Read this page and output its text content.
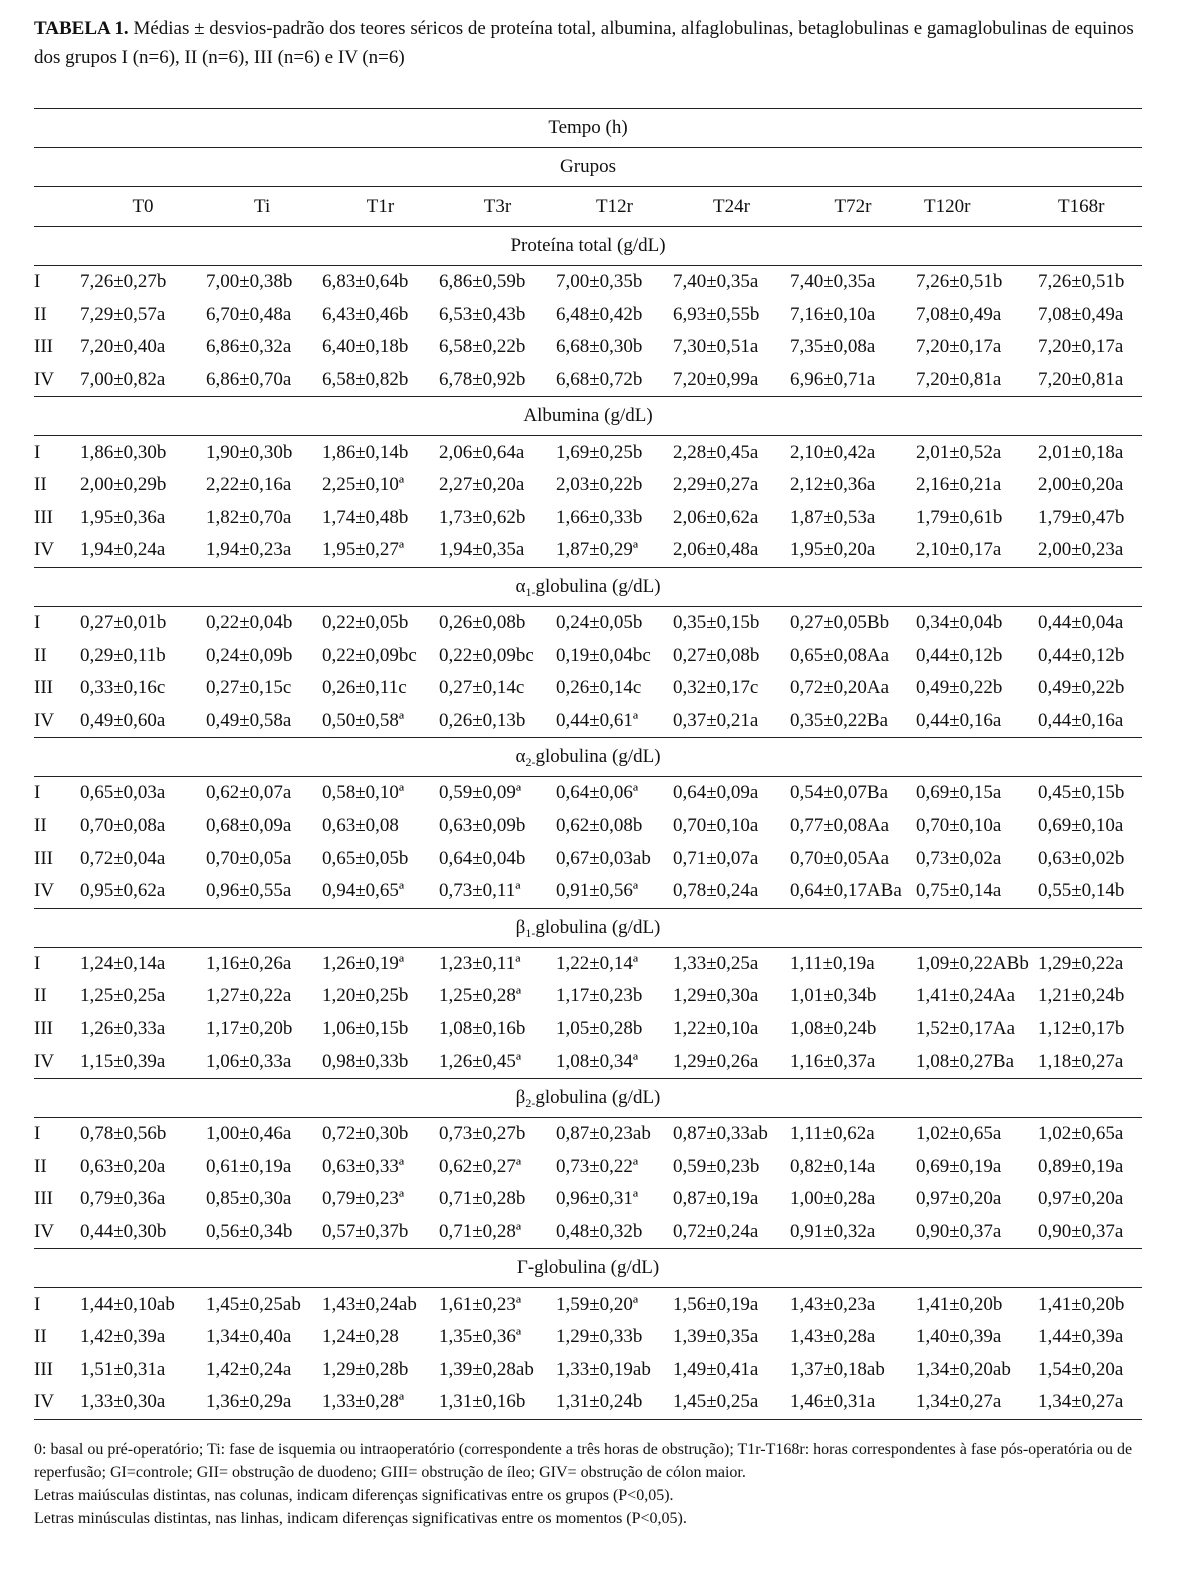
TABELA 1. Médias ± desvios-padrão dos teores séricos de proteína total, albumina, alfaglobulinas, betaglobulinas e gamaglobulinas de equinos dos grupos I (n=6), II (n=6), III (n=6) e IV (n=6)
Tempo (h)									
Grupos									
	T0	Ti	T1r	T3r	T12r	T24r	T72r	T120r	T168r
Proteína total (g/dL)									
I	7,26±0,27b	7,00±0,38b	6,83±0,64b	6,86±0,59b	7,00±0,35b	7,40±0,35a	7,40±0,35a	7,26±0,51b	7,26±0,51b
II	7,29±0,57a	6,70±0,48a	6,43±0,46b	6,53±0,43b	6,48±0,42b	6,93±0,55b	7,16±0,10a	7,08±0,49a	7,08±0,49a
III	7,20±0,40a	6,86±0,32a	6,40±0,18b	6,58±0,22b	6,68±0,30b	7,30±0,51a	7,35±0,08a	7,20±0,17a	7,20±0,17a
IV	7,00±0,82a	6,86±0,70a	6,58±0,82b	6,78±0,92b	6,68±0,72b	7,20±0,99a	6,96±0,71a	7,20±0,81a	7,20±0,81a
Albumina (g/dL)									
I	1,86±0,30b	1,90±0,30b	1,86±0,14b	2,06±0,64a	1,69±0,25b	2,28±0,45a	2,10±0,42a	2,01±0,52a	2,01±0,18a
II	2,00±0,29b	2,22±0,16a	2,25±0,10ª	2,27±0,20a	2,03±0,22b	2,29±0,27a	2,12±0,36a	2,16±0,21a	2,00±0,20a
III	1,95±0,36a	1,82±0,70a	1,74±0,48b	1,73±0,62b	1,66±0,33b	2,06±0,62a	1,87±0,53a	1,79±0,61b	1,79±0,47b
IV	1,94±0,24a	1,94±0,23a	1,95±0,27ª	1,94±0,35a	1,87±0,29ª	2,06±0,48a	1,95±0,20a	2,10±0,17a	2,00±0,23a
$\alpha_{1-}globulina$ (g/dL)									
I	0,27±0,01b	0,22±0,04b	0,22±0,05b	0,26±0,08b	0,24±0,05b	0,35±0,15b	0,27±0,05Bb	0,34±0,04b	0,44±0,04a
II	0,29±0,11b	0,24±0,09b	0,22±0,09bc	0,22±0,09bc	0,19±0,04bc	0,27±0,08b	0,65±0,08Aa	0,44±0,12b	0,44±0,12b
III	0,33±0,16c	0,27±0,15c	0,26±0,11c	0,27±0,14c	0,26±0,14c	0,32±0,17c	0,72±0,20Aa	0,49±0,22b	0,49±0,22b
IV	0,49±0,60a	0,49±0,58a	0,50±0,58ª	0,26±0,13b	0,44±0,61ª	0,37±0,21a	0,35±0,22Ba	0,44±0,16a	0,44±0,16a
$\alpha_{2-}globulina$ (g/dL)									
I	0,65±0,03a	0,62±0,07a	0,58±0,10ª	0,59±0,09ª	0,64±0,06ª	0,64±0,09a	0,54±0,07Ba	0,69±0,15a	0,45±0,15b
II	0,70±0,08a	0,68±0,09a	0,63±0,08	0,63±0,09b	0,62±0,08b	0,70±0,10a	0,77±0,08Aa	0,70±0,10a	0,69±0,10a
III	0,72±0,04a	0,70±0,05a	0,65±0,05b	0,64±0,04b	0,67±0,03ab	0,71±0,07a	0,70±0,05Aa	0,73±0,02a	0,63±0,02b
IV	0,95±0,62a	0,96±0,55a	0,94±0,65ª	0,73±0,11ª	0,91±0,56ª	0,78±0,24a	0,64±0,17ABa	0,75±0,14a	0,55±0,14b
$\beta_{1-}globulina$ (g/dL)									
I	1,24±0,14a	1,16±0,26a	1,26±0,19ª	1,23±0,11ª	1,22±0,14ª	1,33±0,25a	1,11±0,19a	1,09±0,22ABb	1,29±0,22a
II	1,25±0,25a	1,27±0,22a	1,20±0,25b	1,25±0,28ª	1,17±0,23b	1,29±0,30a	1,01±0,34b	1,41±0,24Aa	1,21±0,24b
III	1,26±0,33a	1,17±0,20b	1,06±0,15b	1,08±0,16b	1,05±0,28b	1,22±0,10a	1,08±0,24b	1,52±0,17Aa	1,12±0,17b
IV	1,15±0,39a	1,06±0,33a	0,98±0,33b	1,26±0,45ª	1,08±0,34ª	1,29±0,26a	1,16±0,37a	1,08±0,27Ba	1,18±0,27a
$\beta_{2-}globulina$ (g/dL)									
I	0,78±0,56b	1,00±0,46a	0,72±0,30b	0,73±0,27b	0,87±0,23ab	0,87±0,33ab	1,11±0,62a	1,02±0,65a	1,02±0,65a
II	0,63±0,20a	0,61±0,19a	0,63±0,33ª	0,62±0,27ª	0,73±0,22ª	0,59±0,23b	0,82±0,14a	0,69±0,19a	0,89±0,19a
III	0,79±0,36a	0,85±0,30a	0,79±0,23ª	0,71±0,28b	0,96±0,31ª	0,87±0,19a	1,00±0,28a	0,97±0,20a	0,97±0,20a
IV	0,44±0,30b	0,56±0,34b	0,57±0,37b	0,71±0,28ª	0,48±0,32b	0,72±0,24a	0,91±0,32a	0,90±0,37a	0,90±0,37a
Γ-globulina (g/dL)									
I	1,44±0,10ab	1,45±0,25ab	1,43±0,24ab	1,61±0,23ª	1,59±0,20ª	1,56±0,19a	1,43±0,23a	1,41±0,20b	1,41±0,20b
II	1,42±0,39a	1,34±0,40a	1,24±0,28	1,35±0,36ª	1,29±0,33b	1,39±0,35a	1,43±0,28a	1,40±0,39a	1,44±0,39a
III	1,51±0,31a	1,42±0,24a	1,29±0,28b	1,39±0,28ab	1,33±0,19ab	1,49±0,41a	1,37±0,18ab	1,34±0,20ab	1,54±0,20a
IV	1,33±0,30a	1,36±0,29a	1,33±0,28ª	1,31±0,16b	1,31±0,24b	1,45±0,25a	1,46±0,31a	1,34±0,27a	1,34±0,27a
0: basal ou pré-operatório; Ti: fase de isquemia ou intraoperatório (correspondente a três horas de obstrução); T1r-T168r: horas correspondentes à fase pós-operatória ou de reperfusão; GI=controle; GII= obstrução de duodeno; GIII= obstrução de íleo; GIV= obstrução de cólon maior.
Letras maiúsculas distintas, nas colunas, indicam diferenças significativas entre os grupos (P<0,05).
Letras minúsculas distintas, nas linhas, indicam diferenças significativas entre os momentos (P<0,05).
